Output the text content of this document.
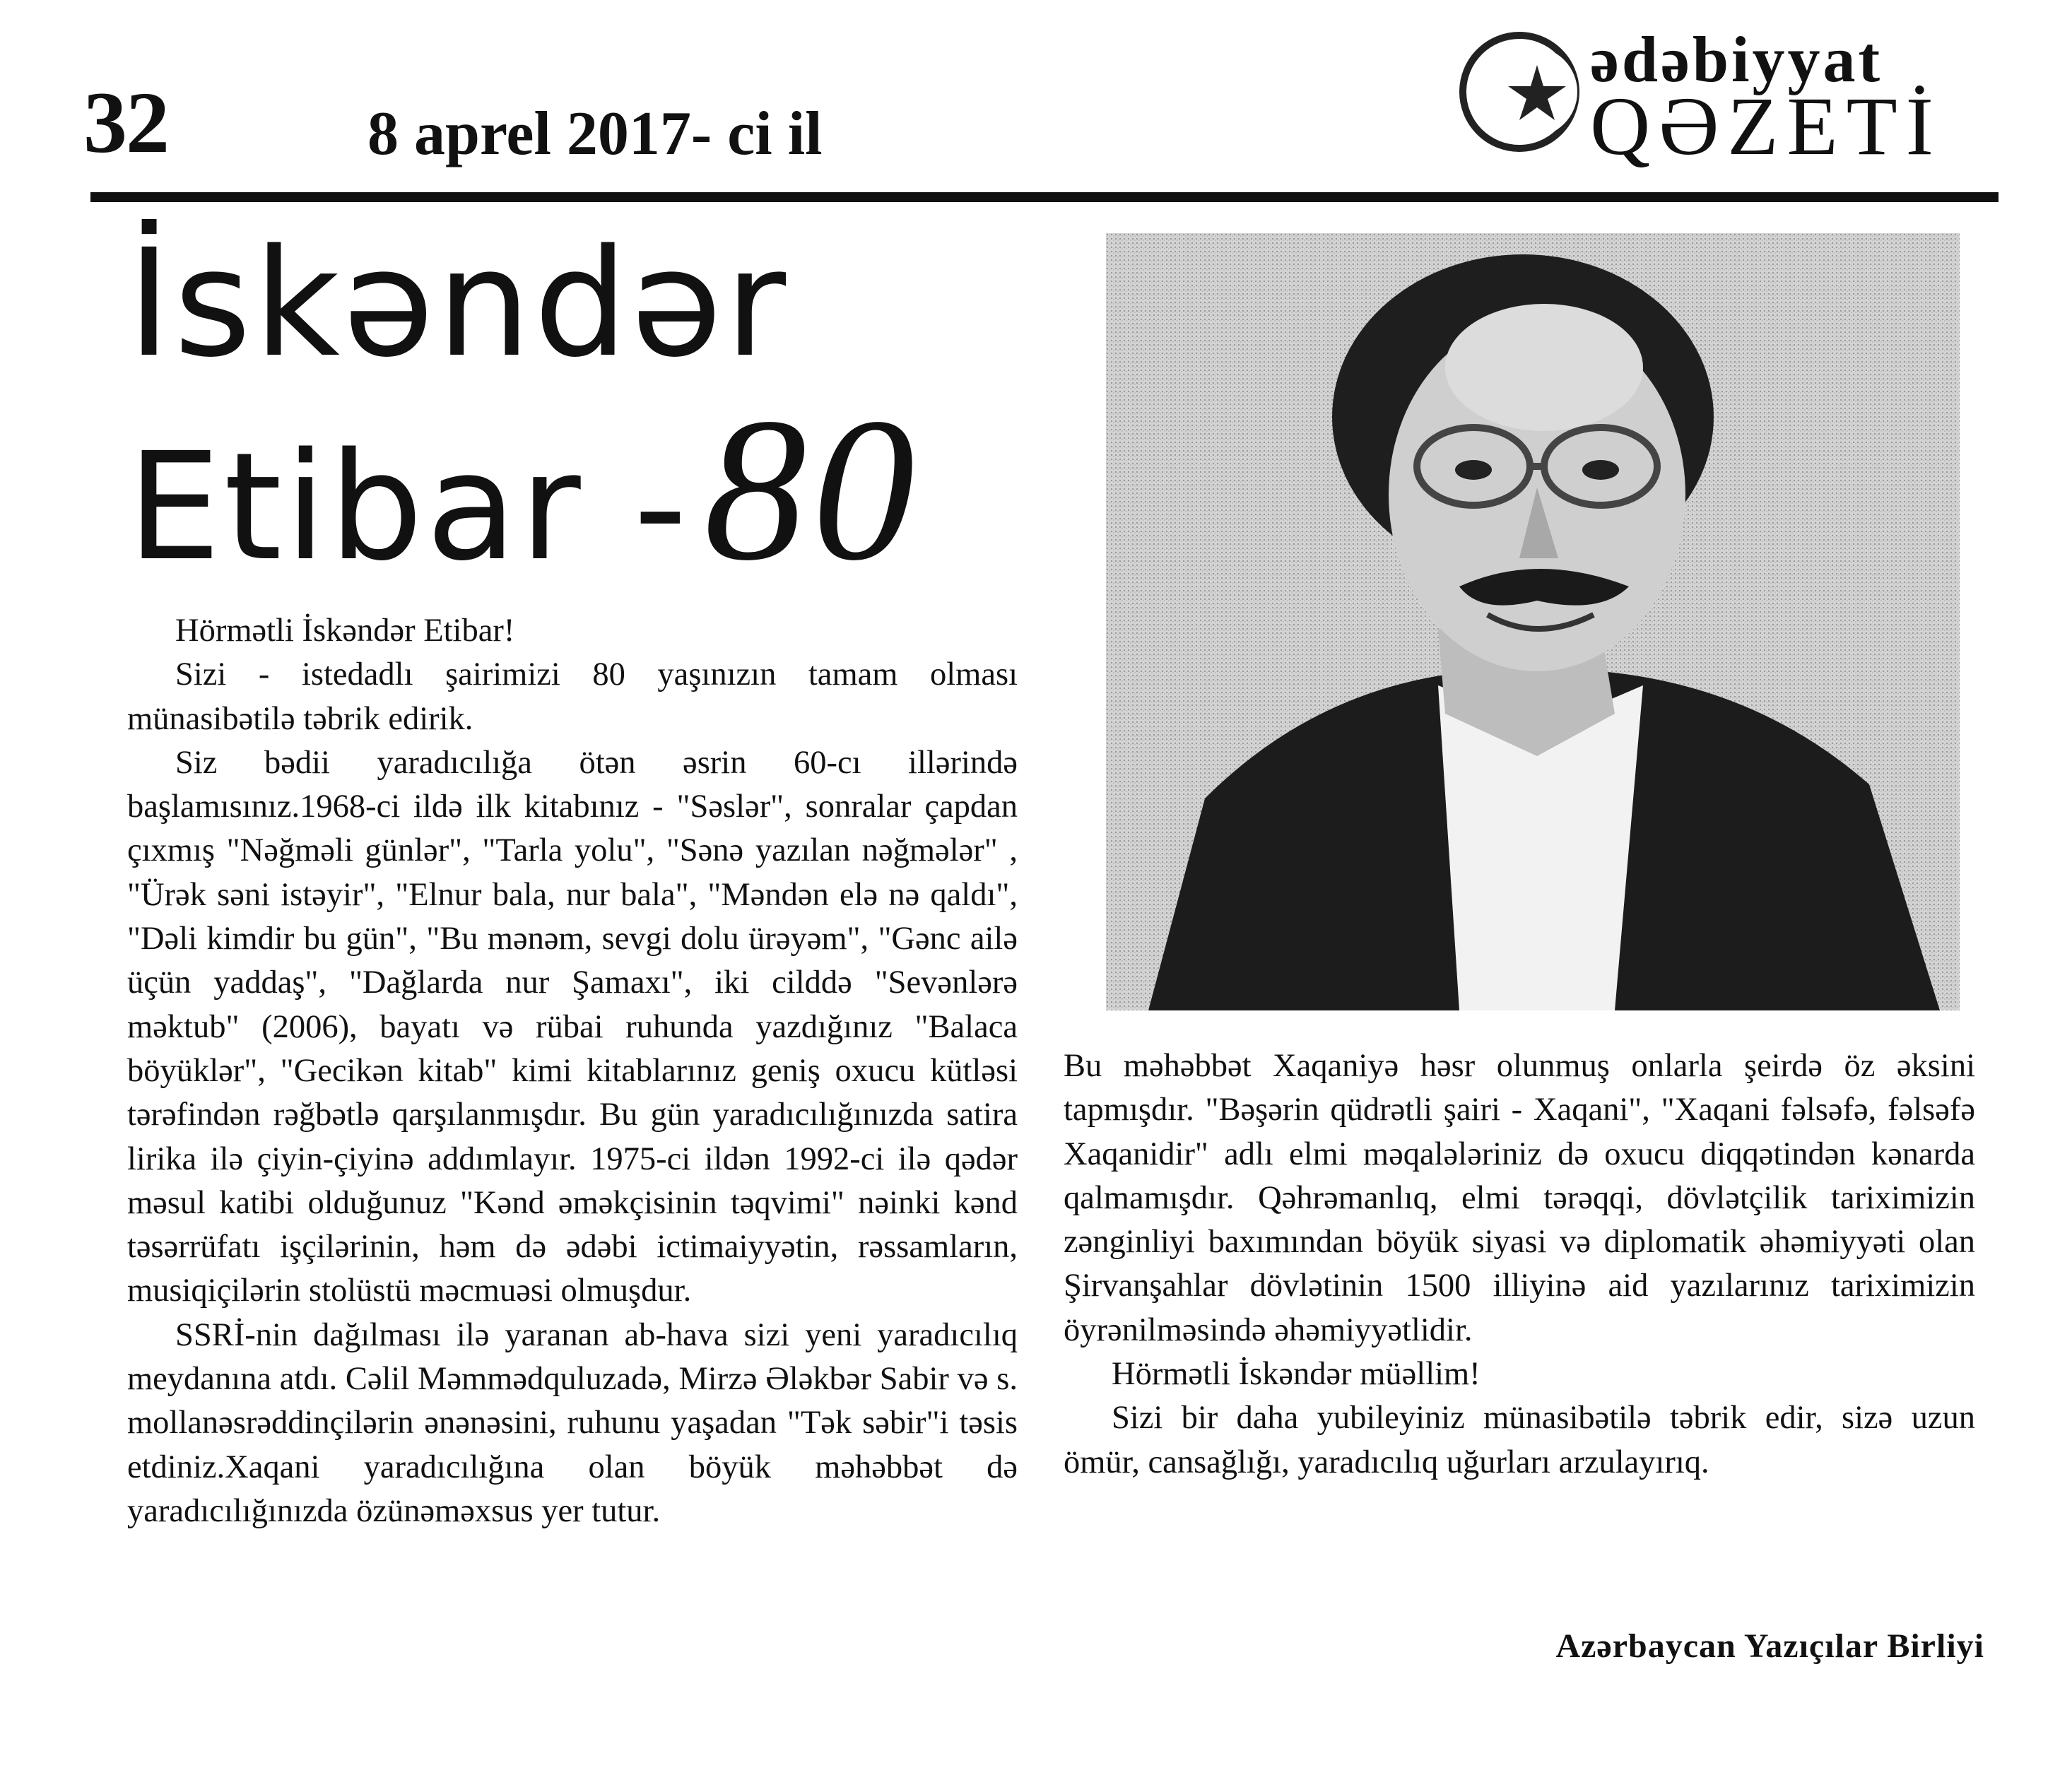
32	8 aprel 2017- ci il
ədəbiyyat
QƏZETİ
İskəndər
Etibar -80

Hörmətli İskəndər Etibar!

Sizi - istedadlı şairimizi 80 yaşınızın tamam olması münasibətilə təbrik edirik.

Siz bədii yaradıcılığa ötən əsrin 60-cı illərində başlamısınız.1968-ci ildə ilk kitabınız - "Səslər", sonralar çapdan çıxmış "Nəğməli günlər", "Tarla yolu", "Sənə yazılan nəğmələr" , "Ürək səni istəyir", "Elnur bala, nur bala", "Məndən elə nə qaldı", "Dəli kimdir bu gün", "Bu mənəm, sevgi dolu ürəyəm", "Gənc ailə üçün yaddaş", "Dağlarda nur Şamaxı", iki cilddə "Sevənlərə məktub" (2006), bayatı və rübai ruhunda yazdığınız "Balaca böyüklər", "Gecikən kitab" kimi kitablarınız geniş oxucu kütləsi tərəfindən rəğbətlə qarşılanmışdır. Bu gün yaradıcılığınızda satira lirika ilə çiyin-çiyinə addımlayır. 1975-ci ildən 1992-ci ilə qədər məsul katibi olduğunuz "Kənd əməkçisinin təqvimi" nəinki kənd təsərrüfatı işçilərinin, həm də ədəbi ictimaiyyətin, rəssamların, musiqiçilərin stolüstü məcmuəsi olmuşdur.

SSRİ-nin dağılması ilə yaranan ab-hava sizi yeni yaradıcılıq meydanına atdı. Cəlil Məmmədquluzadə, Mirzə Ələkbər Sabir və s. mollanəsrəddinçilərin ənənəsini, ruhunu yaşadan "Tək səbir"i təsis etdiniz.Xaqani yaradıcılığına olan böyük məhəbbət də yaradıcılığınızda özünəməxsus yer tutur.

Bu məhəbbət Xaqaniyə həsr olunmuş onlarla şeirdə öz əksini tapmışdır. "Bəşərin qüdrətli şairi - Xaqani", "Xaqani fəlsəfə, fəlsəfə Xaqanidir" adlı elmi məqalələriniz də oxucu diqqətindən kənarda qalmamışdır. Qəhrəmanlıq, elmi tərəqqi, dövlətçilik tariximizin zənginliyi baxımından böyük siyasi və diplomatik əhəmiyyəti olan Şirvanşahlar dövlətinin 1500 illiyinə aid yazılarınız tariximizin öyrənilməsində əhəmiyyətlidir.

Hörmətli İskəndər müəllim!

Sizi bir daha yubileyiniz münasibətilə təbrik edir, sizə uzun ömür, cansağlığı, yaradıcılıq uğurları arzulayırıq.

Azərbaycan Yazıçılar Birliyi
